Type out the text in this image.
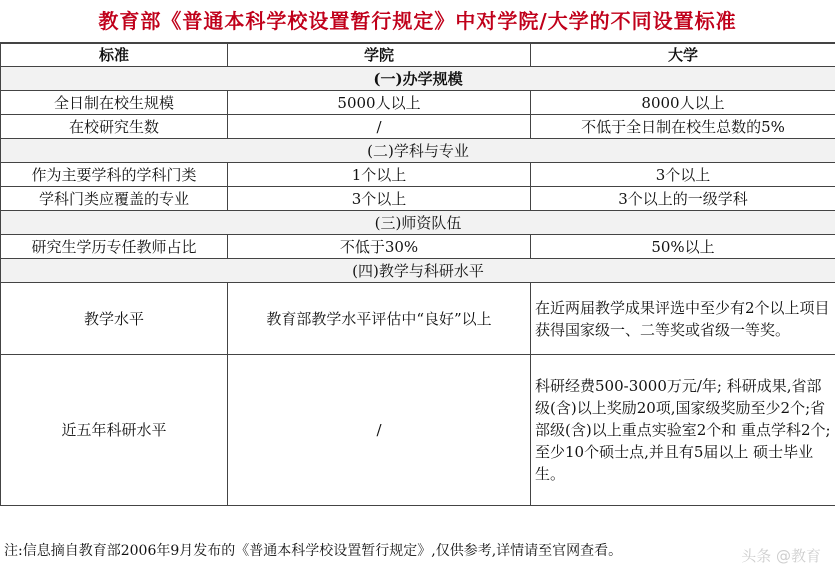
教育部《普通本科学校设置暂行规定》中对学院/大学的不同设置标准
标准	学院	大学
(一)办学规模		
全日制在校生规模	5000人以上	8000人以上
在校研究生数	/	不低于全日制在校生总数的5%
(二)学科与专业		
作为主要学科的学科门类	1个以上	3个以上
学科门类应覆盖的专业	3个以上	3个以上的一级学科
(三)师资队伍		
研究生学历专任教师占比	不低于30%	50%以上
(四)教学与科研水平		
教学水平	教育部教学水平评估中“良好”以上	在近两届教学成果评选中至少有2个以上项目获得国家级一、二等奖或省级一等奖。
近五年科研水平	/	科研经费500-3000万元/年; 科研成果,省部级(含)以上奖励20项,国家级奖励至少2个;省部级(含)以上重点实验室2个和 重点学科2个; 至少10个硕士点,并且有5届以上 硕士毕业生。
注:信息摘自教育部2006年9月发布的《普通本科学校设置暂行规定》,仅供参考,详情请至官网查看。	头条 @教育
